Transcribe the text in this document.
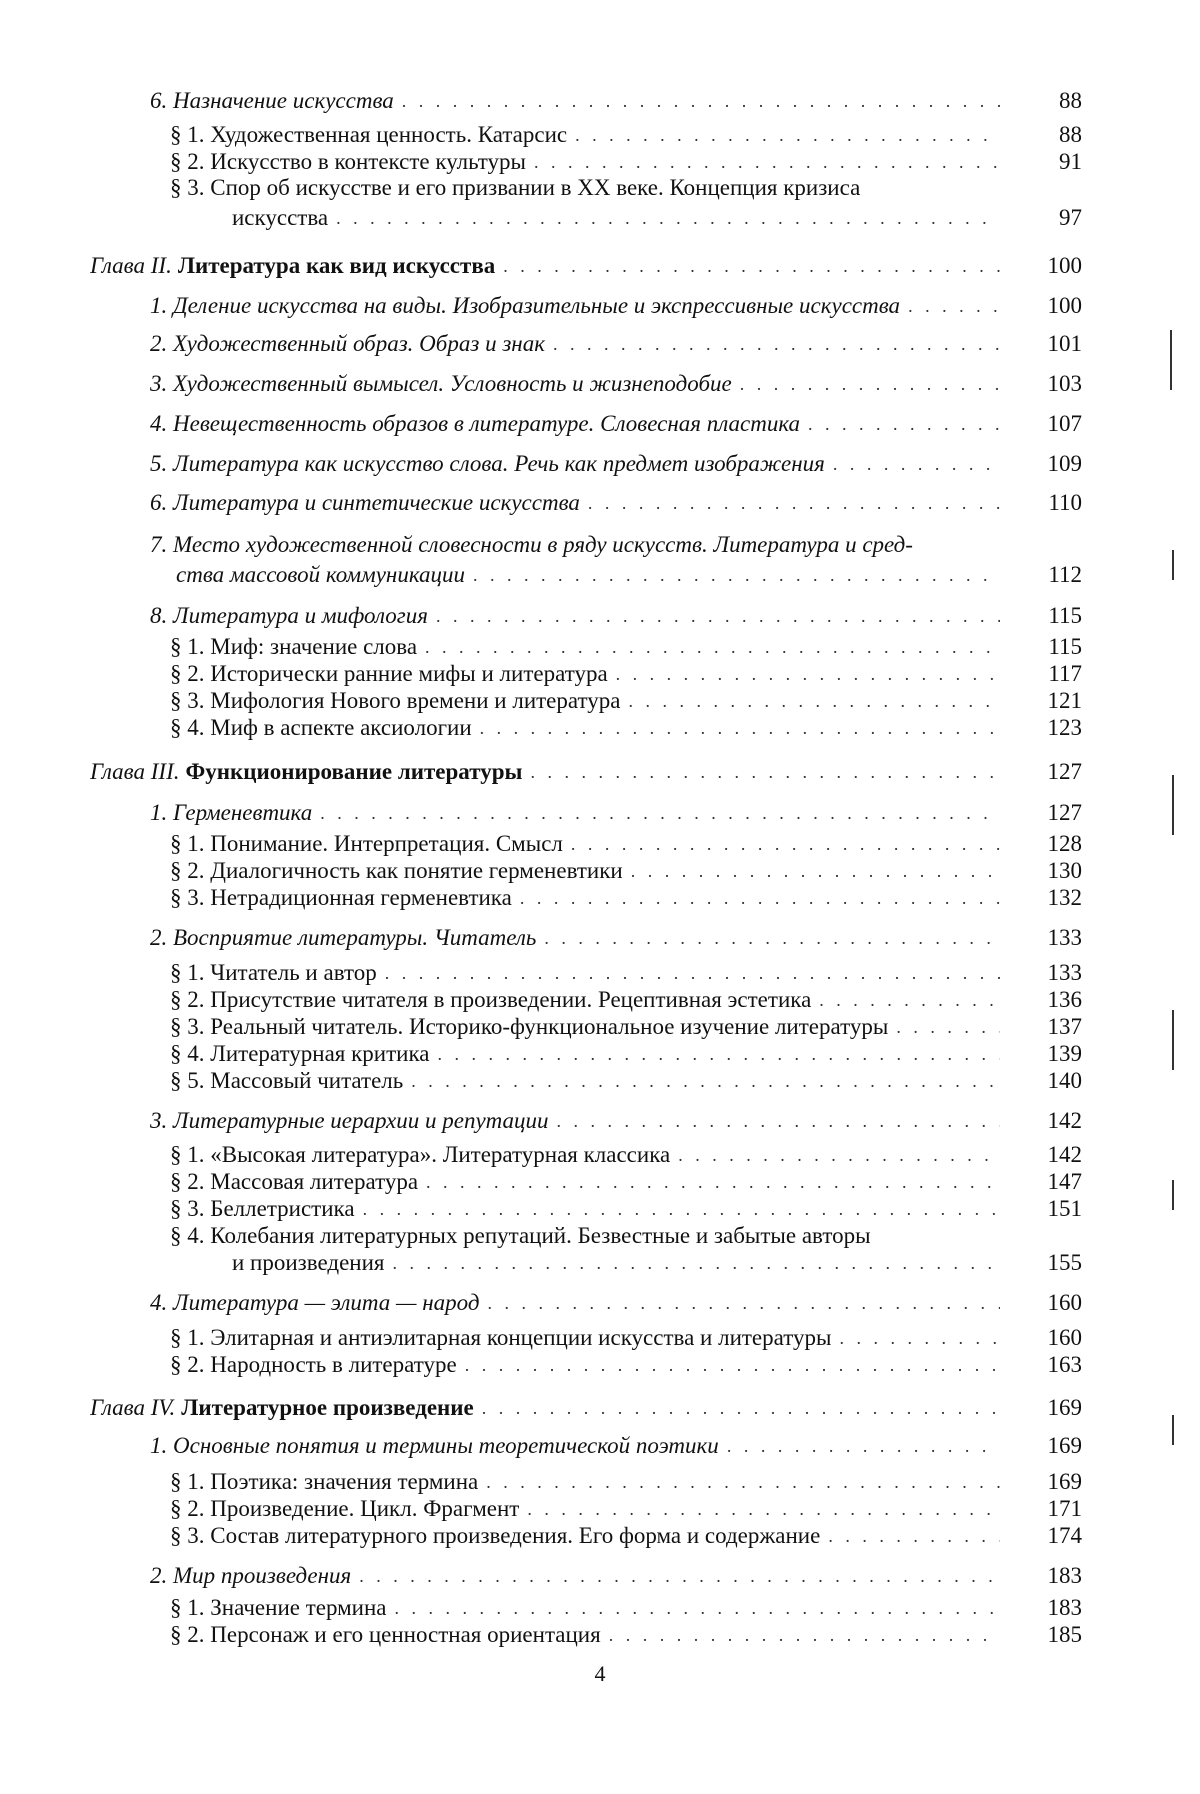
88
6. Назначение искусства
. . .
88
§ 1. Художественная ценность. Катарсис
. . .
91
§ 2. Искусство в контексте культуры
. . .
§ 3. Спор об искусстве и его призвании в XX веке. Концепция кризиса
97
искусства
. . .
100
Глава II. Литература как вид искусства
. . .
100
1. Деление искусства на виды. Изобразительные и экспрессивные искусства
. . .
101
2. Художественный образ. Образ и знак
. . .
103
3. Художественный вымысел. Условность и жизнеподобие
. . .
107
4. Невещественность образов в литературе. Словесная пластика
. . .
109
5. Литература как искусство слова. Речь как предмет изображения
. . .
110
6. Литература и синтетические искусства
. . .
7. Место художественной словесности в ряду искусств. Литература и сред-
112
ства массовой коммуникации
. . .
115
8. Литература и мифология
. . .
115
§ 1. Миф: значение слова
. . .
117
§ 2. Исторически ранние мифы и литература
. . .
121
§ 3. Мифология Нового времени и литература
. . .
123
§ 4. Миф в аспекте аксиологии
. . .
127
Глава III. Функционирование литературы
. . .
127
1. Герменевтика
. . .
128
§ 1. Понимание. Интерпретация. Смысл
. . .
130
§ 2. Диалогичность как понятие герменевтики
. . .
132
§ 3. Нетрадиционная герменевтика
. . .
133
2. Восприятие литературы. Читатель
. . .
133
§ 1. Читатель и автор
. . .
136
§ 2. Присутствие читателя в произведении. Рецептивная эстетика
. . .
137
§ 3. Реальный читатель. Историко-функциональное изучение литературы
. . .
139
§ 4. Литературная критика
. . .
140
§ 5. Массовый читатель
. . .
142
3. Литературные иерархии и репутации
. . .
142
§ 1. «Высокая литература». Литературная классика
. . .
147
§ 2. Массовая литература
. . .
151
§ 3. Беллетристика
. . .
§ 4. Колебания литературных репутаций. Безвестные и забытые авторы
155
и произведения
. . .
160
4. Литература — элита — народ
. . .
160
§ 1. Элитарная и антиэлитарная концепции искусства и литературы
. . .
163
§ 2. Народность в литературе
. . .
169
Глава IV. Литературное произведение
. . .
169
1. Основные понятия и термины теоретической поэтики
. . .
169
§ 1. Поэтика: значения термина
. . .
171
§ 2. Произведение. Цикл. Фрагмент
. . .
174
§ 3. Состав литературного произведения. Его форма и содержание
. . .
183
2. Мир произведения
. . .
183
§ 1. Значение термина
. . .
185
§ 2. Персонаж и его ценностная ориентация
. . .
4
